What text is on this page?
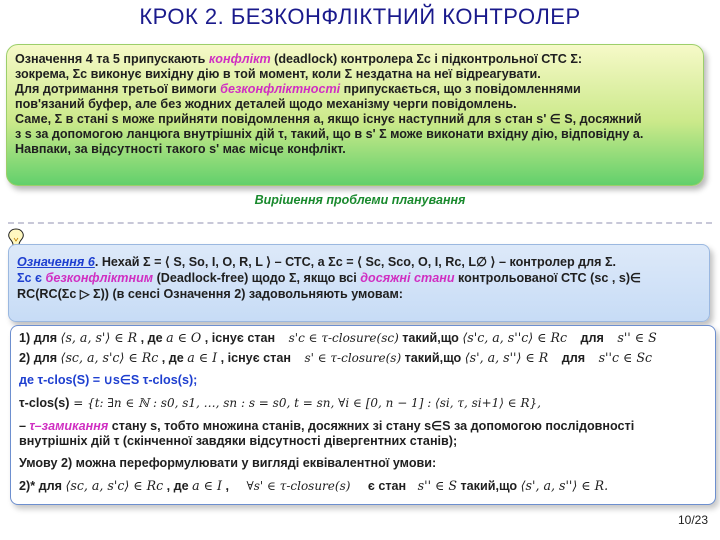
КРОК 2. БЕЗКОНФЛІКТНИЙ КОНТРОЛЕР

Означення 4 та 5 припускають конфлікт (deadlock) контролера Σc і підконтрольної СТС Σ:

зокрема, Σc виконує вихідну дію в той момент, коли Σ нездатна на неї відреагувати.

Для дотримання третьої вимоги безконфліктності припускається, що з повідомленнями

пов'язаний буфер, але без жодних деталей щодо механізму черги повідомлень.

Саме, Σ в стані s може прийняти повідомлення a, якщо існує наступний для s стан s' ∈ S, досяжний

з s за допомогою ланцюга внутрішніх дій τ, такий, що в s' Σ може виконати вхідну дію, відповідну a.

Навпаки, за відсутності такого s' має місце конфлікт.

Вирішення проблеми планування

Означення 6. Нехай Σ = ⟨ S, So, I, O, R, L ⟩ – СТС, а Σc = ⟨ Sc, Sco, O, I, Rc, L∅ ⟩ – контролер для Σ.

Σc є безконфліктним (Deadlock-free) щодо Σ, якщо всі досяжні стани контрольованої СТС (sc , s)∈

RC(RC(Σc ▷ Σ)) (в сенсі Означення 2) задовольняють умовам:

1) для ⟨s, a, s'⟩ ∈ R , де a ∈ O , існує стан s'c ∈ τ-closure(sc) такий,що ⟨s'c, a, s''c⟩ ∈ Rc для s'' ∈ S
2) для ⟨sc, a, s'c⟩ ∈ Rc , де a ∈ I , існує стан s' ∈ τ-closure(s) такий,що ⟨s', a, s''⟩ ∈ R для s''c ∈ Sc
де τ-clos(S) = ∪s∈S τ-clos(s);
τ-clos(s) = {t: ∃n ∈ ℕ : s0, s1, …, sn : s = s0, t = sn, ∀i ∈ [0, n − 1] : ⟨si, τ, si+1⟩ ∈ R},
– τ–замикання стану s, тобто множина станів, досяжних зі стану s∈S за допомогою послідовності
внутрішніх дій τ (скінченної завдяки відсутності дівергентних станів);
Умову 2) можна переформулювати у вигляді еквівалентної умови:
2)* для ⟨sc, a, s'c⟩ ∈ Rc , де a ∈ I , ∀s' ∈ τ-closure(s) є стан s'' ∈ S такий,що ⟨s', a, s''⟩ ∈ R.
10/23
